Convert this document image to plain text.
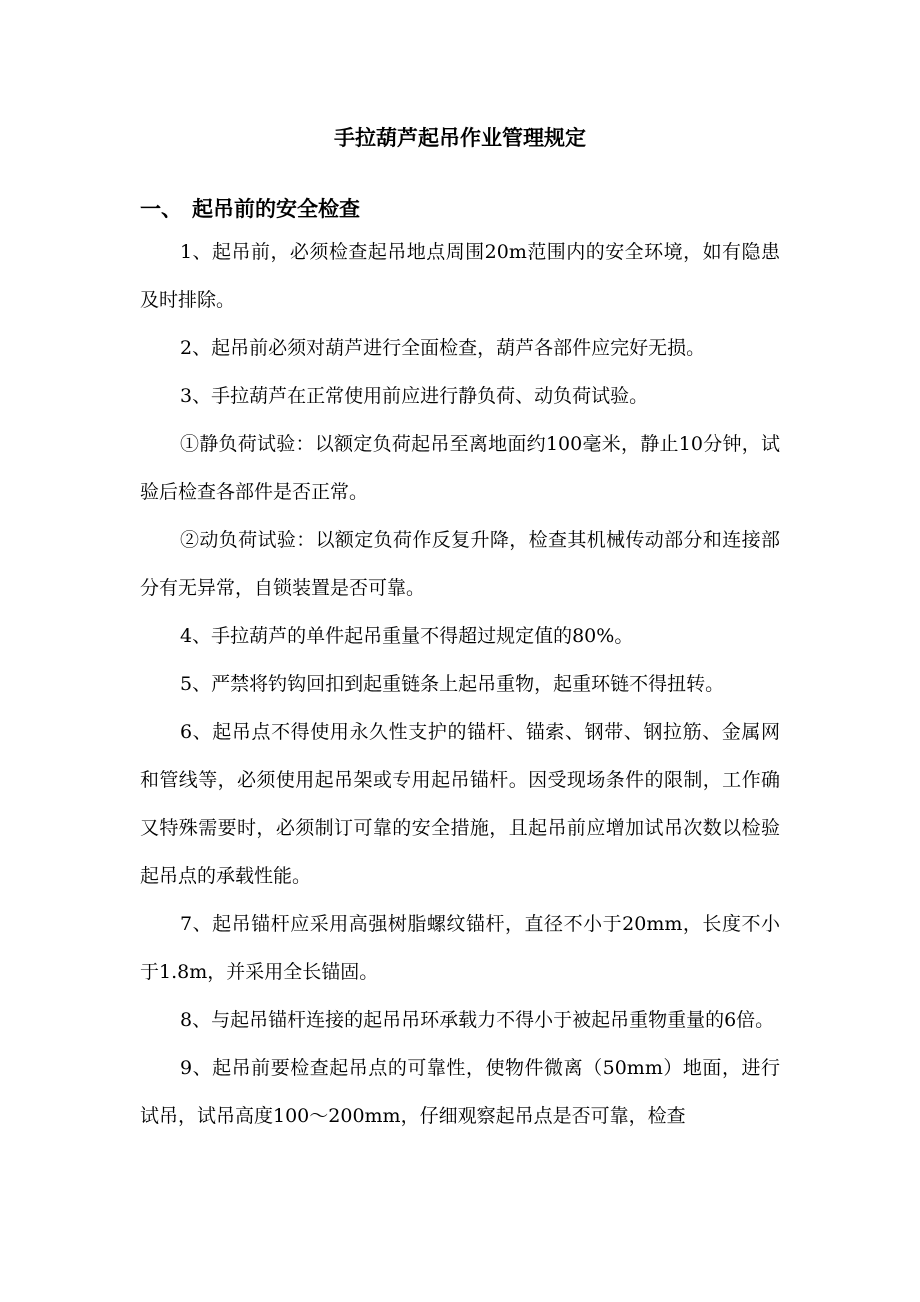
手拉葫芦起吊作业管理规定
一、 起吊前的安全检查

1、起吊前，必须检查起吊地点周围20m范围内的安全环境，如有隐患及时排除。

2、起吊前必须对葫芦进行全面检查，葫芦各部件应完好无损。

3、手拉葫芦在正常使用前应进行静负荷、动负荷试验。

①静负荷试验：以额定负荷起吊至离地面约100毫米，静止10分钟，试验后检查各部件是否正常。

②动负荷试验：以额定负荷作反复升降，检查其机械传动部分和连接部分有无异常，自锁装置是否可靠。

4、手拉葫芦的单件起吊重量不得超过规定值的80%。

5、严禁将钓钩回扣到起重链条上起吊重物，起重环链不得扭转。

6、起吊点不得使用永久性支护的锚杆、锚索、钢带、钢拉筋、金属网和管线等，必须使用起吊架或专用起吊锚杆。因受现场条件的限制，工作确又特殊需要时，必须制订可靠的安全措施，且起吊前应增加试吊次数以检验起吊点的承载性能。

7、起吊锚杆应采用高强树脂螺纹锚杆，直径不小于20mm，长度不小于1.8m，并采用全长锚固。

8、与起吊锚杆连接的起吊吊环承载力不得小于被起吊重物重量的6倍。

9、起吊前要检查起吊点的可靠性，使物件微离（50mm）地面，进行试吊，试吊高度100～200mm，仔细观察起吊点是否可靠，检查
